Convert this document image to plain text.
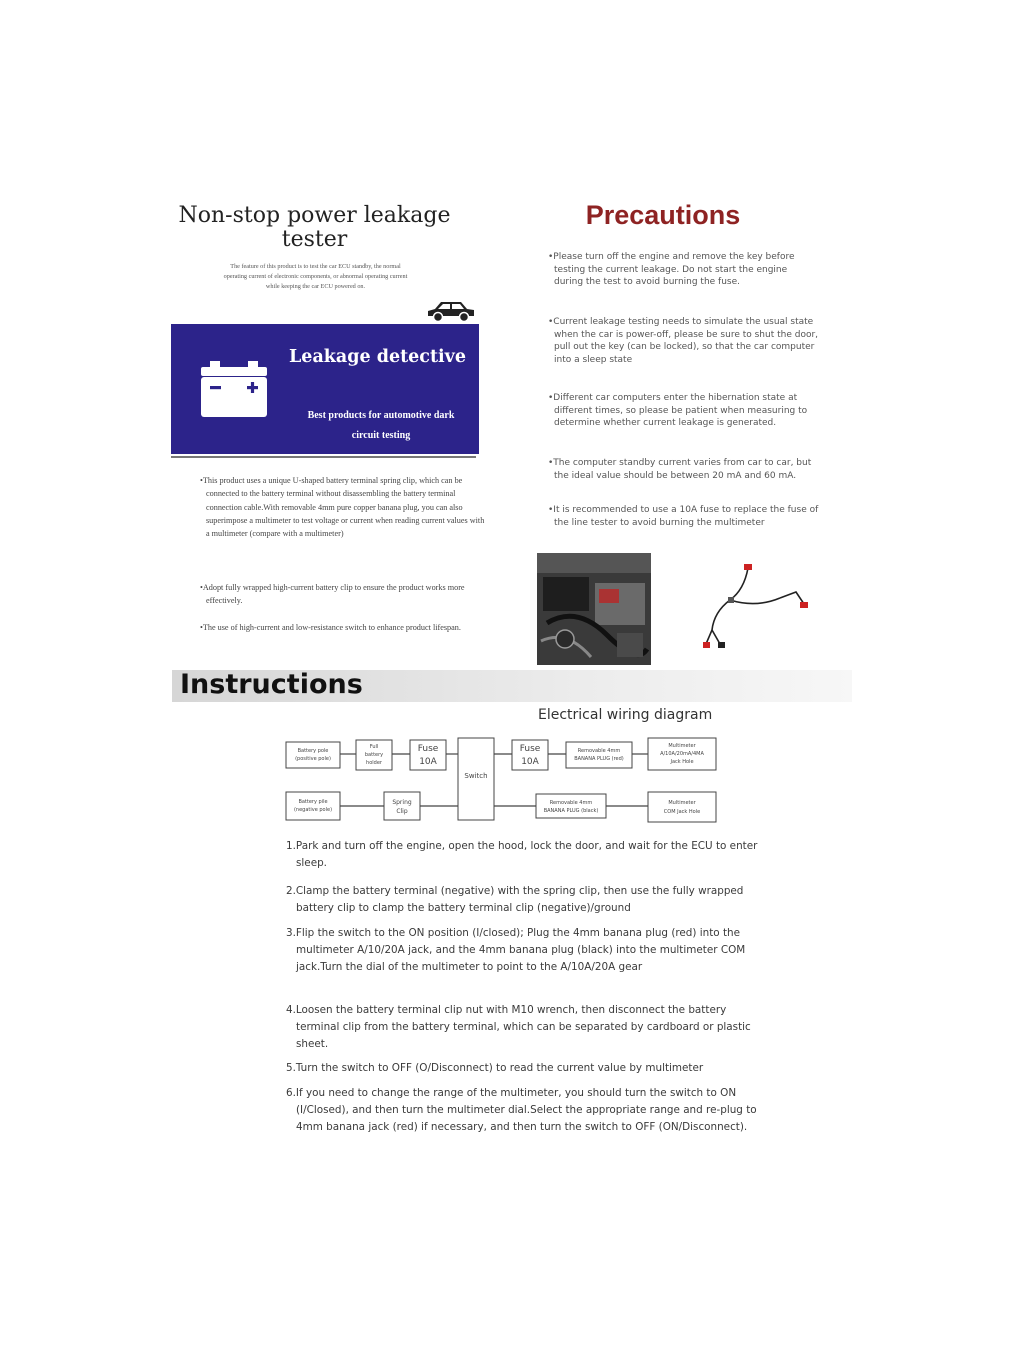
Non-stop power leakage tester
The feature of this product is to test the car ECU standby, the normal operating current of electronic components, or abnormal operating current while keeping the car ECU powered on.
Leakage detective
Best products for automotive dark circuit testing

•This product uses a unique U-shaped battery terminal spring clip, which can be connected to the battery terminal without disassembling the battery terminal connection cable.With removable 4mm pure copper banana plug, you can also superimpose a multimeter to test voltage or current when reading current values with a multimeter (compare with a multimeter)

•Adopt fully wrapped high-current battery clip to ensure the product works more effectively.

•The use of high-current and low-resistance switch to enhance product lifespan.

Precautions

•Please turn off the engine and remove the key before testing the current leakage. Do not start the engine during the test to avoid burning the fuse.

•Current leakage testing needs to simulate the usual state when the car is power-off, please be sure to shut the door, pull out the key (can be locked), so that the car computer into a sleep state

•Different car computers enter the hibernation state at different times, so please be patient when measuring to determine whether current leakage is generated.

•The computer standby current varies from car to car, but the ideal value should be between 20 mA and 60 mA.

•It is recommended to use a 10A fuse to replace the fuse of the line tester to avoid burning the multimeter

Instructions
Electrical wiring diagram
Battery pole
(positive pole)
Full
battery
holder
Fuse
10A
Switch
Fuse
10A
Removable 4mm
BANANA PLUG (red)
Multimeter
A/10A/20mA/4MA
Jack Hole
Battery pile
(negative pole)
Spring
Clip
Removable 4mm
BANANA PLUG (black)
Multimeter
COM Jack Hole

1.Park and turn off the engine, open the hood, lock the door, and wait for the ECU to enter sleep.

2.Clamp the battery terminal (negative) with the spring clip, then use the fully wrapped battery clip to clamp the battery terminal clip (negative)/ground

3.Flip the switch to the ON position (I/closed); Plug the 4mm banana plug (red) into the multimeter A/10/20A jack, and the 4mm banana plug (black) into the multimeter COM jack.Turn the dial of the multimeter to point to the A/10A/20A gear

4.Loosen the battery terminal clip nut with M10 wrench, then disconnect the battery terminal clip from the battery terminal, which can be separated by cardboard or plastic sheet.

5.Turn the switch to OFF (O/Disconnect) to read the current value by multimeter

6.If you need to change the range of the multimeter, you should turn the switch to ON (I/Closed), and then turn the multimeter dial.Select the appropriate range and re-plug to 4mm banana jack (red) if necessary, and then turn the switch to OFF (ON/Disconnect).
